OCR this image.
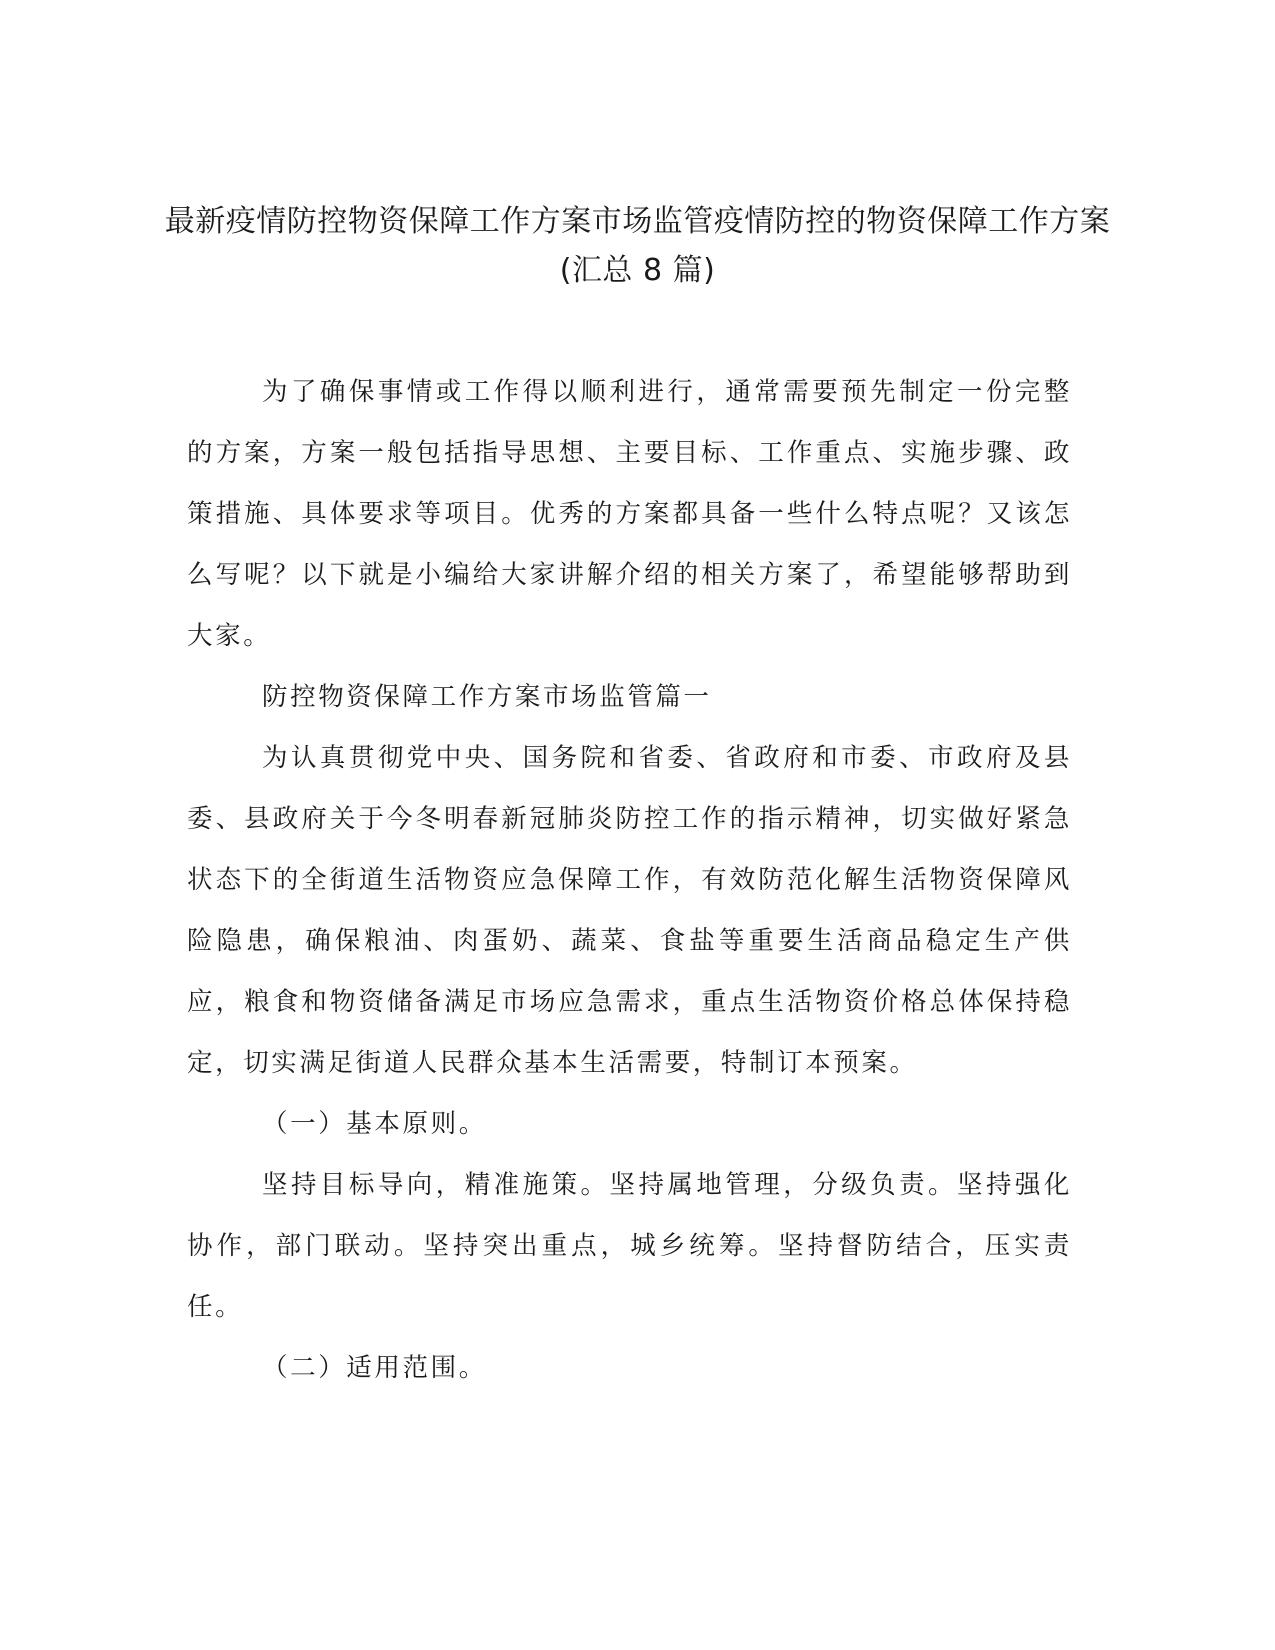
最新疫情防控物资保障工作方案市场监管疫情防控的物资保障工作方案(汇总 8 篇)

为了确保事情或工作得以顺利进行，通常需要预先制定一份完整的方案，方案一般包括指导思想、主要目标、工作重点、实施步骤、政策措施、具体要求等项目。优秀的方案都具备一些什么特点呢？又该怎么写呢？以下就是小编给大家讲解介绍的相关方案了，希望能够帮助到大家。

防控物资保障工作方案市场监管篇一

为认真贯彻党中央、国务院和省委、省政府和市委、市政府及县委、县政府关于今冬明春新冠肺炎防控工作的指示精神，切实做好紧急状态下的全街道生活物资应急保障工作，有效防范化解生活物资保障风险隐患，确保粮油、肉蛋奶、蔬菜、食盐等重要生活商品稳定生产供应，粮食和物资储备满足市场应急需求，重点生活物资价格总体保持稳定，切实满足街道人民群众基本生活需要，特制订本预案。

（一）基本原则。

坚持目标导向，精准施策。坚持属地管理，分级负责。坚持强化协作，部门联动。坚持突出重点，城乡统筹。坚持督防结合，压实责任。

（二）适用范围。
